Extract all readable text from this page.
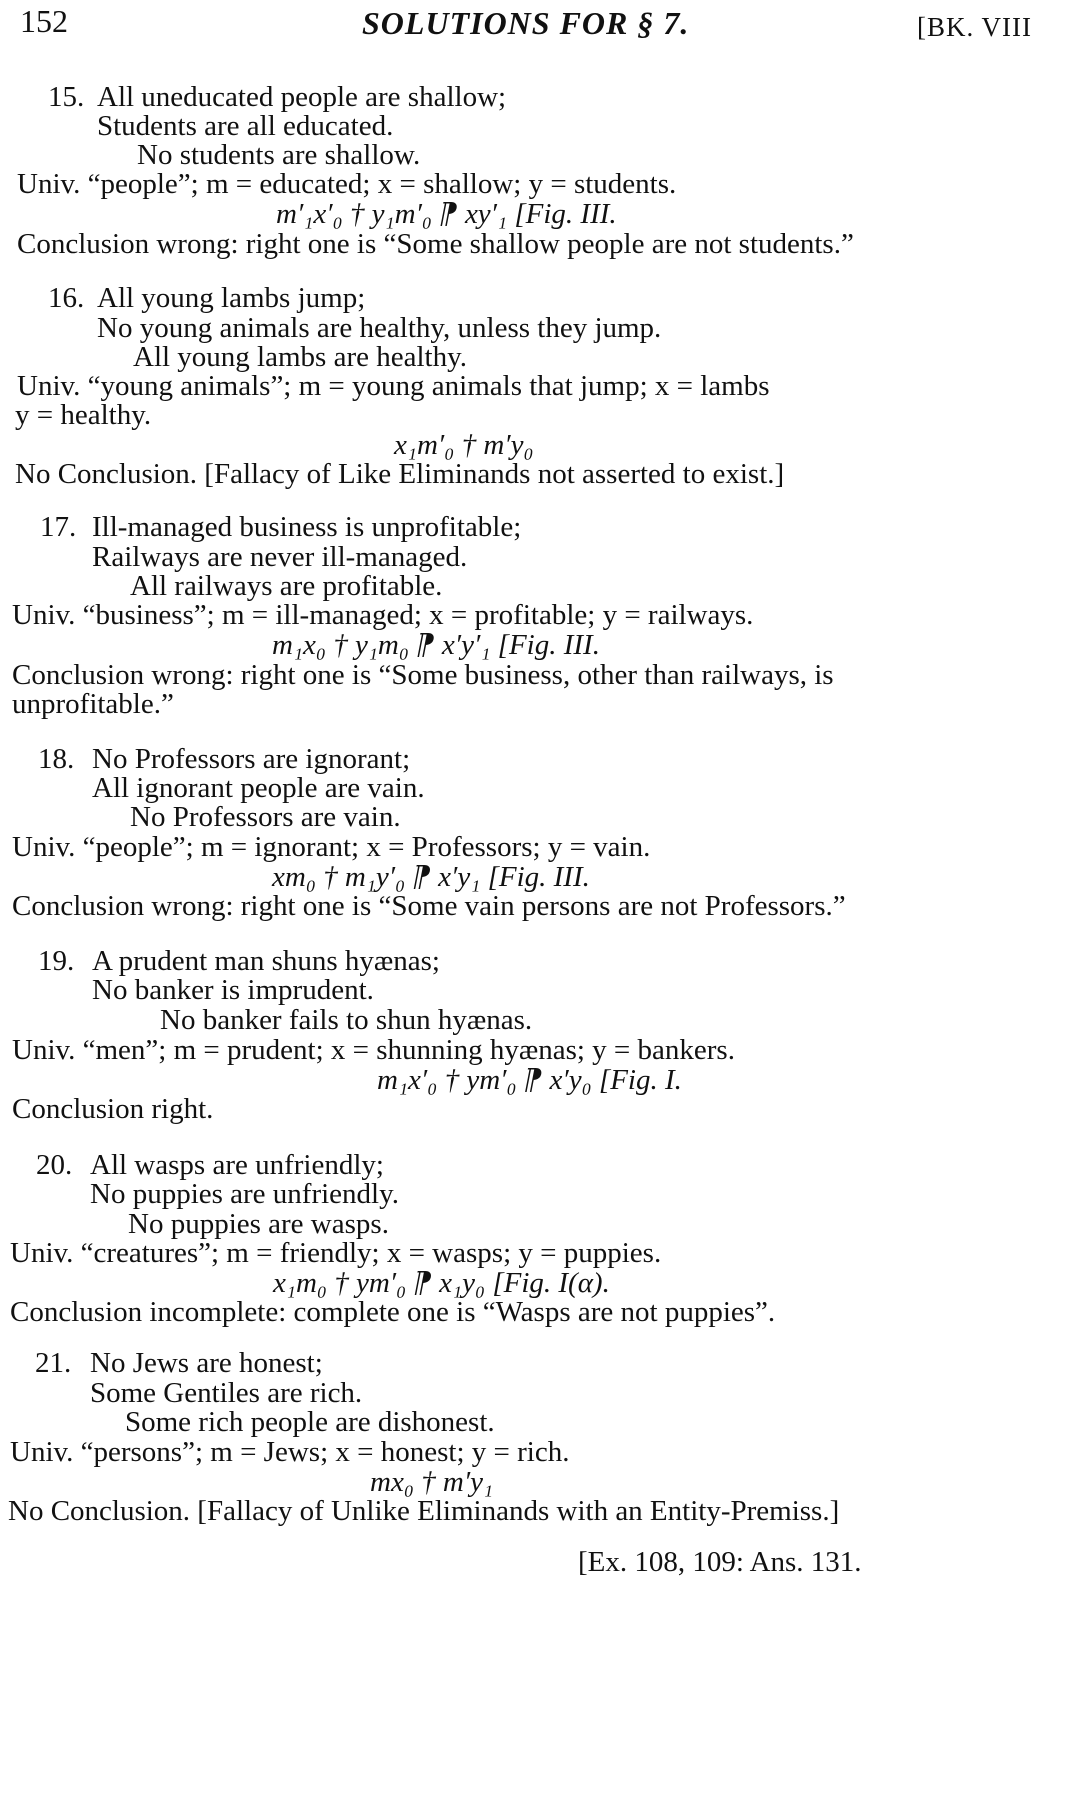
152	SOLUTIONS FOR § 7.	[BK. VIII
15. All uneducated people are shallow;
Students are all educated.
No students are shallow.
Univ. “people”; m = educated; x = shallow; y = students.
m′₁x′₀ † y₁m′₀ ⁋ xy′₁ [Fig. III.
Conclusion wrong: right one is “Some shallow people are not students.”
16. All young lambs jump;
No young animals are healthy, unless they jump.
All young lambs are healthy.
Univ. “young animals”; m = young animals that jump; x = lambs
y = healthy.
x₁m′₀ † m′y₀
No Conclusion. [Fallacy of Like Eliminands not asserted to exist.]
17. Ill-managed business is unprofitable;
Railways are never ill-managed.
All railways are profitable.
Univ. “business”; m = ill-managed; x = profitable; y = railways.
m₁x₀ † y₁m₀ ⁋ x′y′₁ [Fig. III.
Conclusion wrong: right one is “Some business, other than railways, is
unprofitable.”
18. No Professors are ignorant;
All ignorant people are vain.
No Professors are vain.
Univ. “people”; m = ignorant; x = Professors; y = vain.
xm₀ † m₁y′₀ ⁋ x′y₁ [Fig. III.
Conclusion wrong: right one is “Some vain persons are not Professors.”
19. A prudent man shuns hyænas;
No banker is imprudent.
No banker fails to shun hyænas.
Univ. “men”; m = prudent; x = shunning hyænas; y = bankers.
m₁x′₀ † ym′₀ ⁋ x′y₀ [Fig. I.
Conclusion right.
20. All wasps are unfriendly;
No puppies are unfriendly.
No puppies are wasps.
Univ. “creatures”; m = friendly; x = wasps; y = puppies.
x₁m₀ † ym′₀ ⁋ x₁y₀ [Fig. I(α).
Conclusion incomplete: complete one is “Wasps are not puppies”.
21. No Jews are honest;
Some Gentiles are rich.
Some rich people are dishonest.
Univ. “persons”; m = Jews; x = honest; y = rich.
mx₀ † m′y₁
No Conclusion. [Fallacy of Unlike Eliminands with an Entity-Premiss.]
[Ex. 108, 109: Ans. 131.
